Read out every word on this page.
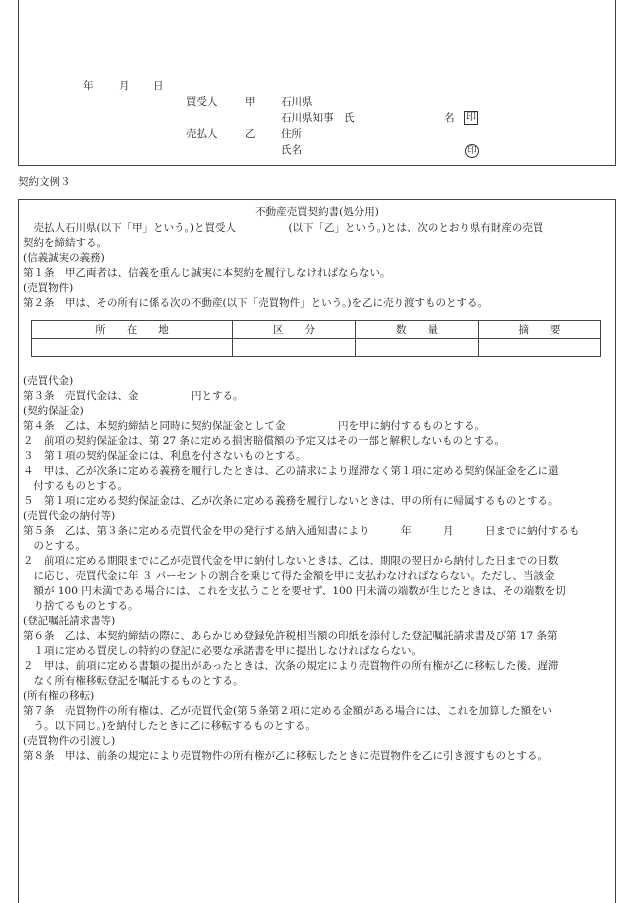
年 月 日
買受人	甲 石川県
石川県知事　氏	名 印
売払人	乙 住所
氏名	印
契約文例３
不動産売買契約書(処分用)
　売払人石川県(以下「甲」という。)と買受人　　　　　(以下「乙」という。)とは、次のとおり県有財産の売買
契約を締結する。
(信義誠実の義務)
第１条　甲乙両者は、信義を重んじ誠実に本契約を履行しなければならない。
(売買物件)
第２条　甲は、その所有に係る次の不動産(以下「売買物件」という。)を乙に売り渡すものとする。
所　　在　　地	区　　分	数　　量	摘　　要

(売買代金)
第３条　売買代金は、金　　　　　円とする。
(契約保証金)
第４条　乙は、本契約締結と同時に契約保証金として金　　　　　円を甲に納付するものとする。
２　前項の契約保証金は、第 27 条に定める損害賠償額の予定又はその一部と解釈しないものとする。
３　第１項の契約保証金には、利息を付さないものとする。
４　甲は、乙が次条に定める義務を履行したときは、乙の請求により遅滞なく第１項に定める契約保証金を乙に還
　付するものとする。
５　第１項に定める契約保証金は、乙が次条に定める義務を履行しないときは、甲の所有に帰属するものとする。
(売買代金の納付等)
第５条　乙は、第３条に定める売買代金を甲の発行する納入通知書により　　　年　　　月　　　日までに納付するも
　のとする。
２　前項に定める期限までに乙が売買代金を甲に納付しないときは、乙は、期限の翌日から納付した日までの日数
　に応じ、売買代金に年 ３ パーセントの割合を乗じて得た金額を甲に支払わなければならない。ただし、当該金
　額が 100 円未満である場合には、これを支払うことを要せず、100 円未満の端数が生じたときは、その端数を切
　り捨てるものとする。
(登記嘱託請求書等)
第６条　乙は、本契約締結の際に、あらかじめ登録免許税相当額の印紙を添付した登記嘱託請求書及び第 17 条第
　１項に定める買戻しの特約の登記に必要な承諾書を甲に提出しなければならない。
２　甲は、前項に定める書類の提出があったときは、次条の規定により売買物件の所有権が乙に移転した後、遅滞
　なく所有権移転登記を嘱託するものとする。
(所有権の移転)
第７条　売買物件の所有権は、乙が売買代金(第５条第２項に定める金額がある場合には、これを加算した額をい
　う。以下同じ。)を納付したときに乙に移転するものとする。
(売買物件の引渡し)
第８条　甲は、前条の規定により売買物件の所有権が乙に移転したときに売買物件を乙に引き渡すものとする。
